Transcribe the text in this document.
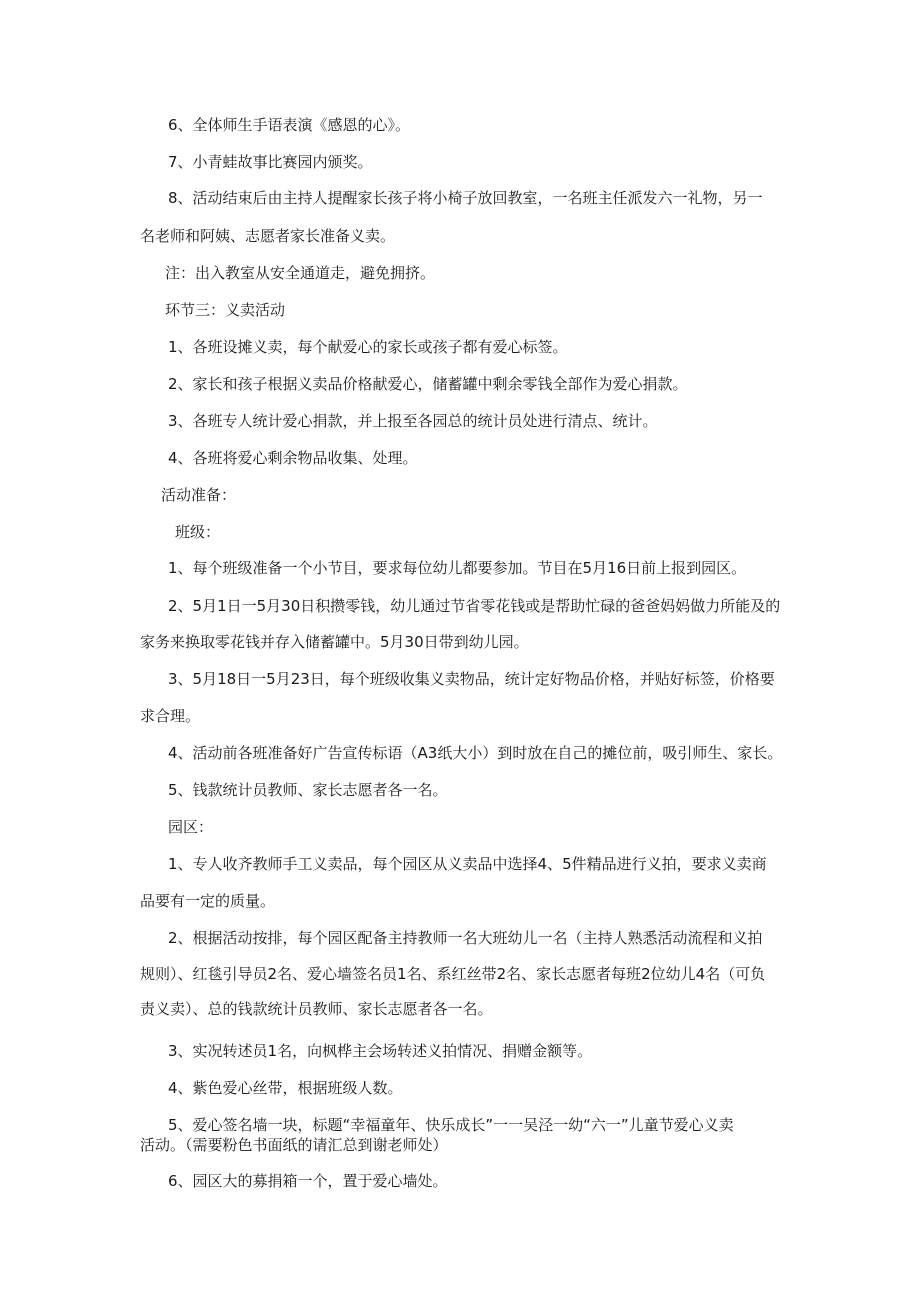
6、全体师生手语表演《感恩的心》。
7、小青蛙故事比赛园内颁奖。
8、活动结束后由主持人提醒家长孩子将小椅子放回教室，一名班主任派发六一礼物，另一
名老师和阿姨、志愿者家长准备义卖。
注：出入教室从安全通道走，避免拥挤。
环节三：义卖活动
1、各班设摊义卖，每个献爱心的家长或孩子都有爱心标签。
2、家长和孩子根据义卖品价格献爱心，储蓄罐中剩余零钱全部作为爱心捐款。
3、各班专人统计爱心捐款，并上报至各园总的统计员处进行清点、统计。
4、各班将爱心剩余物品收集、处理。
活动准备：
班级：
1、每个班级准备一个小节目，要求每位幼儿都要参加。节目在5月16日前上报到园区。
2、5月1日一5月30日积攒零钱，幼儿通过节省零花钱或是帮助忙碌的爸爸妈妈做力所能及的
家务来换取零花钱并存入储蓄罐中。5月30日带到幼儿园。
3、5月18日一5月23日，每个班级收集义卖物品，统计定好物品价格，并贴好标签，价格要
求合理。
4、活动前各班准备好广告宣传标语（A3纸大小）到时放在自己的摊位前，吸引师生、家长。
5、钱款统计员教师、家长志愿者各一名。
园区：
1、专人收齐教师手工义卖品，每个园区从义卖品中选择4、5件精品进行义拍，要求义卖商
品要有一定的质量。
2、根据活动按排，每个园区配备主持教师一名大班幼儿一名（主持人熟悉活动流程和义拍
规则）、红毯引导员2名、爱心墙签名员1名、系红丝带2名、家长志愿者每班2位幼儿4名（可负
责义卖）、总的钱款统计员教师、家长志愿者各一名。
3、实况转述员1名，向枫桦主会场转述义拍情况、捐赠金额等。
4、紫色爱心丝带，根据班级人数。
5、爱心签名墙一块，标题“幸福童年、快乐成长”一一吴泾一幼“六一”儿童节爱心义卖
活动。（需要粉色书面纸的请汇总到谢老师处）
6、园区大的募捐箱一个，置于爱心墙处。
